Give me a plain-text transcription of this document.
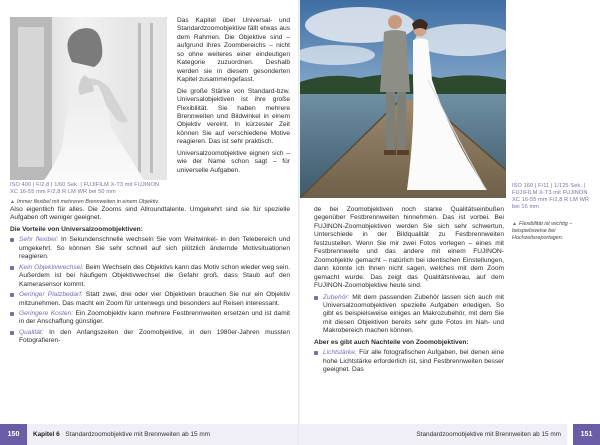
ISO 400 | F/2,8 | 1/60 Sek. | FUJIFILM X-T3 mit FUJINON XC 16-55 mm F/2,8 R LM WR bei 50 mm
▲ Immer flexibel mit mehreren Brennweiten in einem Objektiv.

Das Kapitel über Universal- und Standardzoomobjektive fällt etwas aus dem Rahmen. Die Objektive sind – aufgrund ihres Zoombereichs – nicht so ohne weiteres einer eindeutigen Kategorie zuzuordnen. Deshalb werden sie in diesem gesonderten Kapitel zusammengefasst.

Die große Stärke von Standard-bzw. Universalobjektiven ist ihre große Flexibilität. Sie haben mehrere Brennweiten und Bildwinkel in einem Objektiv vereint. In kürzester Zeit können Sie auf verschiedene Motive reagieren. Das ist sehr praktisch.

Universalzoomobjektive eignen sich – wie der Name schon sagt – für universelle Aufgaben.

Also eigentlich für alles. Die Zooms sind Allroundtalente. Umgekehrt sind sie für spezielle Aufgaben oft weniger geeignet.

Die Vorteile von Universalzoomobjektiven:

Sehr flexibel: In Sekundenschnelle wechseln Sie vom Weitwinkel- in den Telebereich und umgekehrt. So können Sie sehr schnell auf sich plötzlich ändernde Motivsituationen reagieren.
Kein Objektivwechsel: Beim Wechseln des Objektivs kann das Motiv schon wieder weg sein. Außerdem ist bei häufigem Objektivwechsel die Gefahr groß, dass Staub auf den Kamerasensor kommt.
Geringer Platzbedarf: Statt zwei, drei oder vier Objektiven brauchen Sie nur ein Objektiv mitzunehmen. Das macht ein Zoom für unterwegs und besonders auf Reisen interessant.
Geringere Kosten: Ein Zoomobjektiv kann mehrere Festbrennweiten ersetzen und ist damit in der Anschaffung günstiger.
Qualität: In den Anfangszeiten der Zoomobjektive, in den 1980er-Jahren mussten Fotografieren-
150	Kapitel 6 Standardzoomobjektive mit Brennweiten ab 15 mm
ISO 160 | F/11 | 1/125 Sek. | FUJIFILM X-T3 mit FUJINON XC 16-55 mm F/2,8 R LM WR bei 16 mm
▲ Flexibilität ist wichtig – beispielsweise bei Hochzeitsreportagen.

de bei Zoomobjektiven noch starke Qualitätseinbußen gegenüber Festbrennweiten hinnehmen. Das ist vorbei. Bei FUJINON-Zoomobjektiven werden Sie sich sehr schwertun, Unterschiede in der Bildqualität zu Festbrennweiten festzustellen. Wenn Sie mir zwei Fotos vorlegen – eines mit Festbrennweite und das andere mit einem FUJINON-Zoomobjektiv gemacht – natürlich bei identischen Einstellungen, dann könnte ich Ihnen nicht sagen, welches mit dem Zoom gemacht wurde. Das zeigt das Qualitätsniveau, auf dem FUJINON-Zoomobjektive heute sind.

Zubehör: Mit dem passenden Zubehör lassen sich auch mit Universalzoomobjektiven spezielle Aufgaben erledigen. So gibt es beispielsweise einiges an Makrozubehör, mit dem Sie mit diesen Objektiven bereits sehr gute Fotos im Nah- und Makrobereich machen können.

Aber es gibt auch Nachteile von Zoomobjektiven:

Lichtstärke: Für alle fotografischen Aufgaben, bei denen eine hohe Lichtstärke erforderlich ist, sind Festbrennweiten besser geeignet. Das
Standardzoomobjektive mit Brennweiten ab 15 mm	151
